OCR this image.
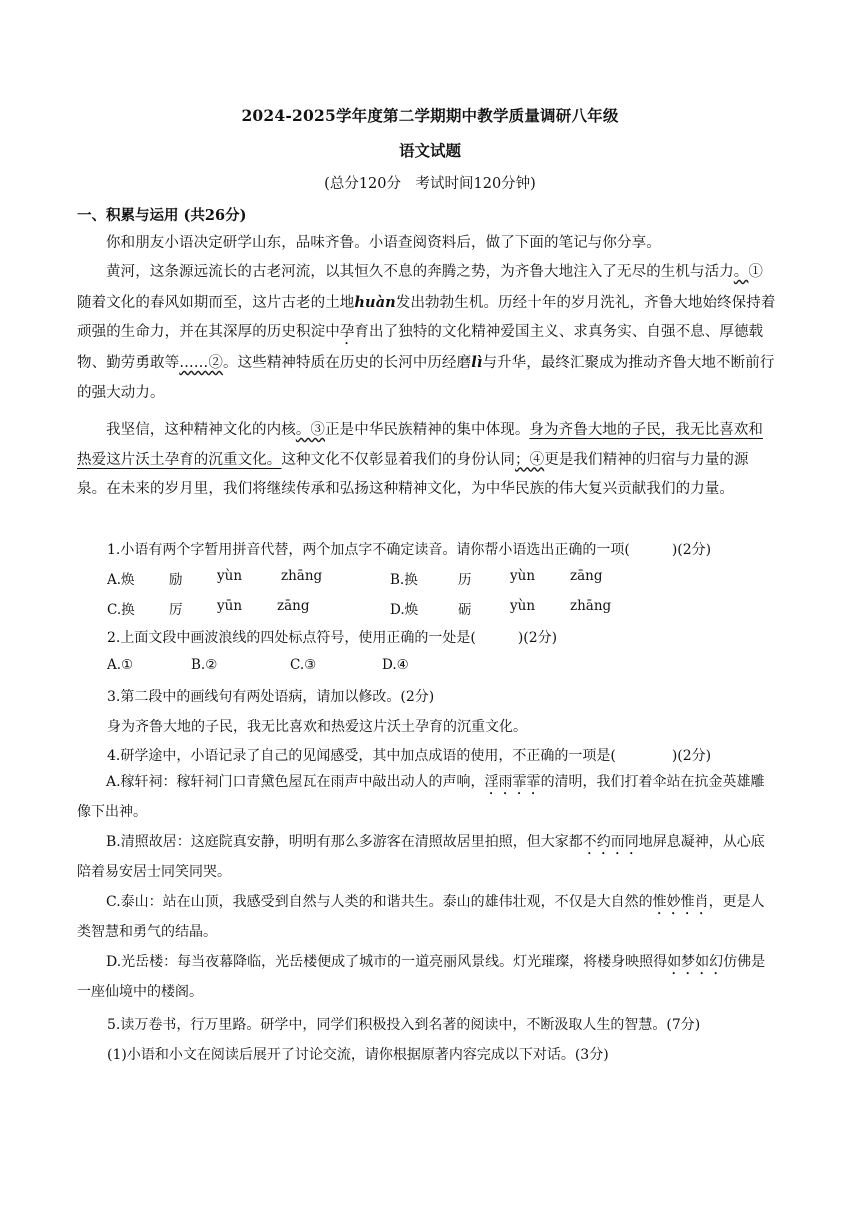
2024-2025学年度第二学期期中教学质量调研八年级
语文试题
(总分120分　考试时间120分钟)
一、积累与运用 (共26分)
你和朋友小语决定研学山东，品味齐鲁。小语查阅资料后，做了下面的笔记与你分享。
黄河，这条源远流长的古老河流，以其恒久不息的奔腾之势，为齐鲁大地注入了无尽的生机与活力。①随着文化的春风如期而至，这片古老的土地huàn发出勃勃生机。历经十年的岁月洗礼，齐鲁大地始终保持着顽强的生命力，并在其深厚的历史积淀中孕育出了独特的文化精神爱国主义、求真务实、自强不息、厚德载物、勤劳勇敢等……②。这些精神特质在历史的长河中历经磨lì与升华，最终汇聚成为推动齐鲁大地不断前行的强大动力。
我坚信，这种精神文化的内核。③正是中华民族精神的集中体现。身为齐鲁大地的子民，我无比喜欢和热爱这片沃土孕育的沉重文化。这种文化不仅彰显着我们的身份认同；④更是我们精神的归宿与力量的源泉。在未来的岁月里，我们将继续传承和弘扬这种精神文化，为中华民族的伟大复兴贡献我们的力量。
1.小语有两个字暂用拼音代替，两个加点字不确定读音。请你帮小语选出正确的一项(　　　)(2分)
A.焕	励	yùn	zhāng	B.换	历	yùn	zāng
C.换	厉	yūn	zāng	D.焕	砺	yùn	zhāng
2.上面文段中画波浪线的四处标点符号，使用正确的一处是(　　　)(2分)
A.①	B.②	C.③	D.④
3.第二段中的画线句有两处语病，请加以修改。(2分)
身为齐鲁大地的子民，我无比喜欢和热爱这片沃土孕育的沉重文化。
4.研学途中，小语记录了自己的见闻感受，其中加点成语的使用，不正确的一项是(　　　　)(2分)
A.稼轩祠：稼轩祠门口青黛色屋瓦在雨声中敲出动人的声响，淫雨霏霏的清明，我们打着伞站在抗金英雄雕像下出神。
B.清照故居：这庭院真安静，明明有那么多游客在清照故居里拍照，但大家都不约而同地屏息凝神，从心底陪着易安居士同笑同哭。
C.泰山：站在山顶，我感受到自然与人类的和谐共生。泰山的雄伟壮观，不仅是大自然的惟妙惟肖，更是人类智慧和勇气的结晶。
D.光岳楼：每当夜幕降临，光岳楼便成了城市的一道亮丽风景线。灯光璀璨，将楼身映照得如梦如幻仿佛是一座仙境中的楼阁。
5.读万卷书，行万里路。研学中，同学们积极投入到名著的阅读中，不断汲取人生的智慧。(7分)
(1)小语和小文在阅读后展开了讨论交流，请你根据原著内容完成以下对话。(3分)
